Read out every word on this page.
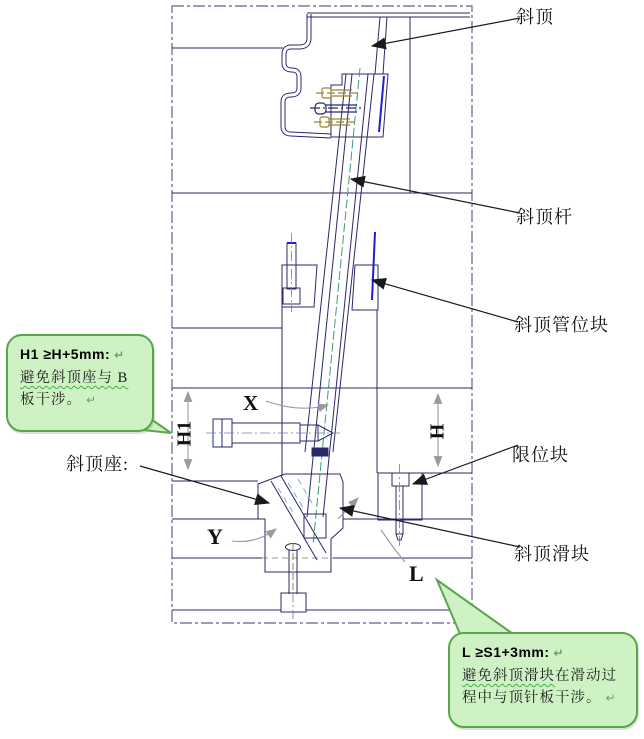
斜顶
斜顶杆
斜顶管位块
限位块
斜顶滑块
斜顶座:
H1	H
X
Y
L
H1 ≥H+5mm: ↵
避免斜顶座与 B
板干涉。 ↵
L ≥S1+3mm: ↵
避免斜顶滑块在滑动过
程中与顶针板干涉。 ↵
